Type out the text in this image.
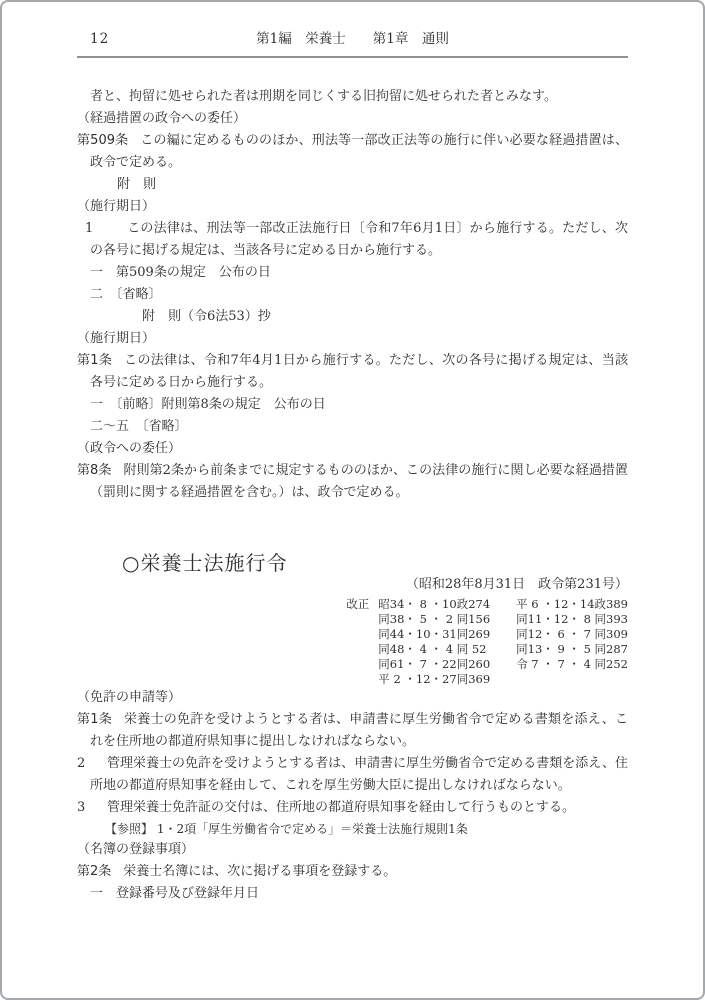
12	第1編　栄養士　　第1章　通則

者と、拘留に処せられた者は刑期を同じくする旧拘留に処せられた者とみなす。

（経過措置の政令への委任）

第509条 この編に定めるもののほか、刑法等一部改正法等の施行に伴い必要な経過措置は、政令で定める。

附　則

（施行期日）

1	この法律は、刑法等一部改正法施行日〔令和7年6月1日〕から施行する。ただし、次の各号に掲げる規定は、当該各号に定める日から施行する。

一　第509条の規定　公布の日

二　〔省略〕

附　則（令6法53）抄

（施行期日）

第1条 この法律は、令和7年4月1日から施行する。ただし、次の各号に掲げる規定は、当該各号に定める日から施行する。

一　〔前略〕附則第8条の規定　公布の日

二～五　〔省略〕

（政令への委任）

第8条 附則第2条から前条までに規定するもののほか、この法律の施行に関し必要な経過措置（罰則に関する経過措置を含む。）は、政令で定める。

○栄養士法施行令

（昭和28年8月31日　政令第231号）

改正 昭34・ 8 ・10政274
同38・ 5 ・ 2 同156
同44・10・31同269
同48・ 4 ・ 4 同 52
同61・ 7 ・22同260
平 2 ・12・27同369
平 6 ・12・14政389
同11・12・ 8 同393
同12・ 6 ・ 7 同309
同13・ 9 ・ 5 同287
令 7 ・ 7 ・ 4 同252

（免許の申請等）

第1条 栄養士の免許を受けようとする者は、申請書に厚生労働省令で定める書類を添え、これを住所地の都道府県知事に提出しなければならない。

2 管理栄養士の免許を受けようとする者は、申請書に厚生労働省令で定める書類を添え、住所地の都道府県知事を経由して、これを厚生労働大臣に提出しなければならない。

3 管理栄養士免許証の交付は、住所地の都道府県知事を経由して行うものとする。

【参照】 1・2項「厚生労働省令で定める」＝栄養士法施行規則1条

（名簿の登録事項）

第2条 栄養士名簿には、次に掲げる事項を登録する。

一　登録番号及び登録年月日
